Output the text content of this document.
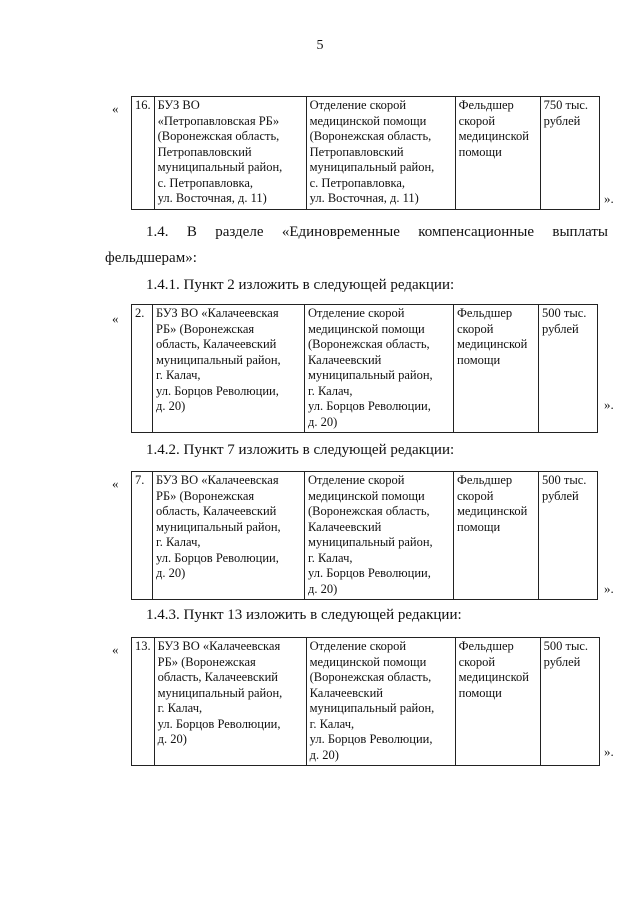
5
« 16.	БУЗ ВО
«Петропавловская РБ»
(Воронежская область,
Петропавловский
муниципальный район,
с. Петропавловка,
ул. Восточная, д. 11)

Отделение скорой
медицинской помощи
(Воронежская область,
Петропавловский
муниципальный район,
с. Петропавловка,
ул. Восточная, д. 11)

Фельдшер
скорой
медицинской
помощи

750 тыс.
рублей
».
1.4. В разделе «Единовременные компенсационные выплаты
фельдшерам»:
1.4.1. Пункт 2 изложить в следующей редакции:
« 2.	БУЗ ВО «Калачеевская
РБ» (Воронежская
область, Калачеевский
муниципальный район,
г. Калач,
ул. Борцов Революции,
д. 20)

Отделение скорой
медицинской помощи
(Воронежская область,
Калачеевский
муниципальный район,
г. Калач,
ул. Борцов Революции,
д. 20)

Фельдшер
скорой
медицинской
помощи

500 тыс.
рублей
».
1.4.2. Пункт 7 изложить в следующей редакции:
« 7.	БУЗ ВО «Калачеевская
РБ» (Воронежская
область, Калачеевский
муниципальный район,
г. Калач,
ул. Борцов Революции,
д. 20)

Отделение скорой
медицинской помощи
(Воронежская область,
Калачеевский
муниципальный район,
г. Калач,
ул. Борцов Революции,
д. 20)

Фельдшер
скорой
медицинской
помощи

500 тыс.
рублей
».
1.4.3. Пункт 13 изложить в следующей редакции:
« 13.	БУЗ ВО «Калачеевская
РБ» (Воронежская
область, Калачеевский
муниципальный район,
г. Калач,
ул. Борцов Революции,
д. 20)

Отделение скорой
медицинской помощи
(Воронежская область,
Калачеевский
муниципальный район,
г. Калач,
ул. Борцов Революции,
д. 20)

Фельдшер
скорой
медицинской
помощи

500 тыс.
рублей
».
